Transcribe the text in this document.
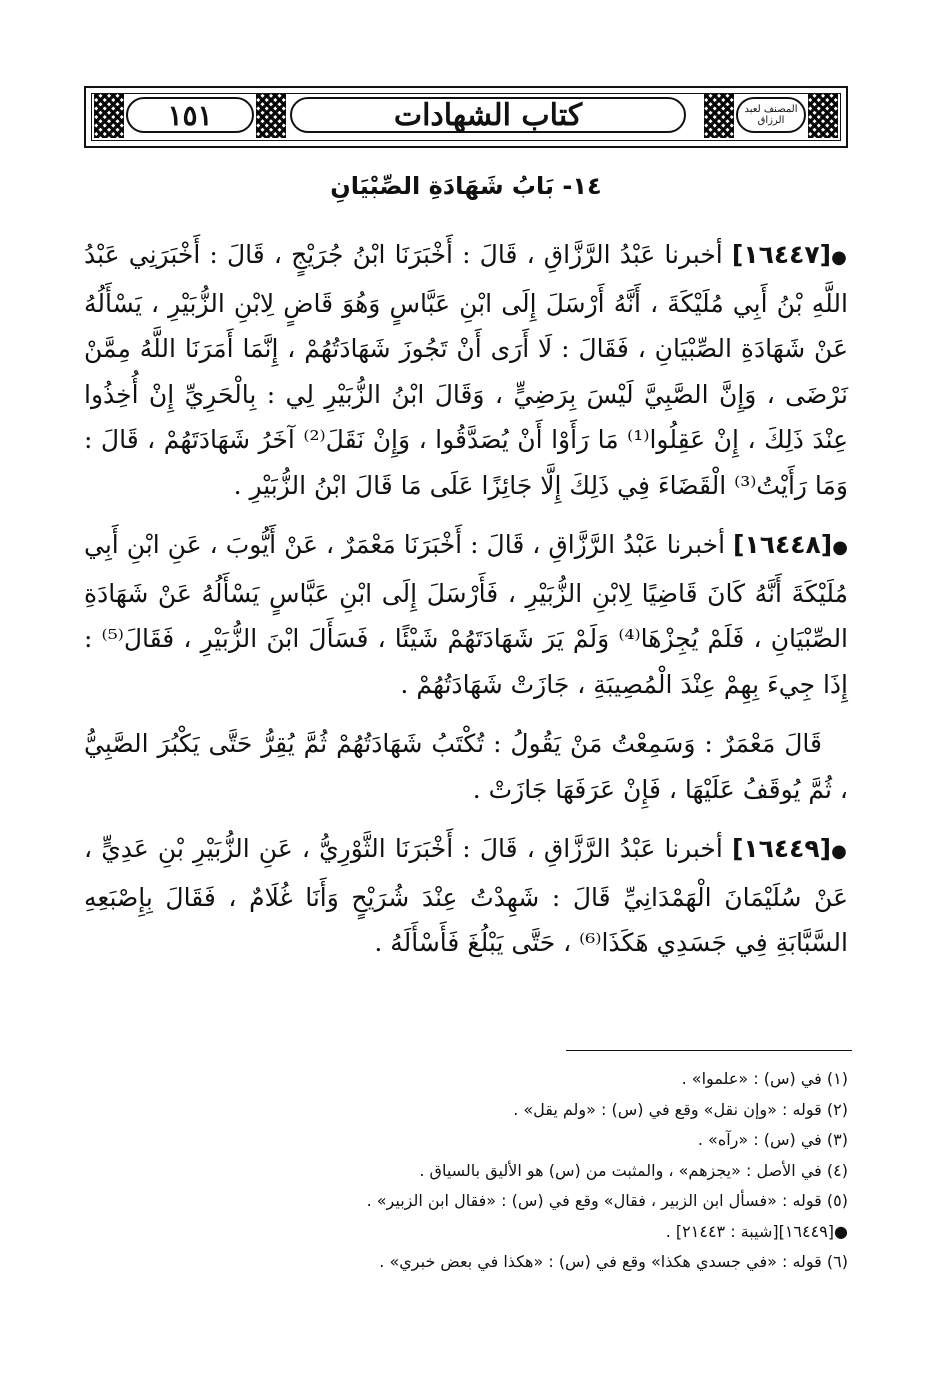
١٥١	كتاب الشهادات	المصنف لعبد الرزاق
١٤- بَابُ شَهَادَةِ الصِّبْيَانِ

●[١٦٤٤٧] أخبرنا عَبْدُ الرَّزَّاقِ ، قَالَ : أَخْبَرَنَا ابْنُ جُرَيْجٍ ، قَالَ : أَخْبَرَنِي عَبْدُ اللَّهِ بْنُ أَبِي مُلَيْكَةَ ، أَنَّهُ أَرْسَلَ إِلَى ابْنِ عَبَّاسٍ وَهُوَ قَاضٍ لِابْنِ الزُّبَيْرِ ، يَسْأَلُهُ عَنْ شَهَادَةِ الصِّبْيَانِ ، فَقَالَ : لَا أَرَى أَنْ تَجُوزَ شَهَادَتُهُمْ ، إِنَّمَا أَمَرَنَا اللَّهُ مِمَّنْ نَرْضَى ، وَإِنَّ الصَّبِيَّ لَيْسَ بِرَضِيٍّ ، وَقَالَ ابْنُ الزُّبَيْرِ لِي : بِالْحَرِيِّ إِنْ أُخِذُوا عِنْدَ ذَلِكَ ، إِنْ عَقِلُوا⁽¹⁾ مَا رَأَوْا أَنْ يُصَدَّقُوا ، وَإِنْ نَقَلَ⁽²⁾ آخَرُ شَهَادَتَهُمْ ، قَالَ : وَمَا رَأَيْتُ⁽³⁾ الْقَضَاءَ فِي ذَلِكَ إِلَّا جَائِزًا عَلَى مَا قَالَ ابْنُ الزُّبَيْرِ .

●[١٦٤٤٨] أخبرنا عَبْدُ الرَّزَّاقِ ، قَالَ : أَخْبَرَنَا مَعْمَرٌ ، عَنْ أَيُّوبَ ، عَنِ ابْنِ أَبِي مُلَيْكَةَ أَنَّهُ كَانَ قَاضِيًا لِابْنِ الزُّبَيْرِ ، فَأَرْسَلَ إِلَى ابْنِ عَبَّاسٍ يَسْأَلُهُ عَنْ شَهَادَةِ الصِّبْيَانِ ، فَلَمْ يُجِزْهَا⁽⁴⁾ وَلَمْ يَرَ شَهَادَتَهُمْ شَيْئًا ، فَسَأَلَ ابْنَ الزُّبَيْرِ ، فَقَالَ⁽⁵⁾ : إِذَا جِيءَ بِهِمْ عِنْدَ الْمُصِيبَةِ ، جَازَتْ شَهَادَتُهُمْ .

قَالَ مَعْمَرٌ : وَسَمِعْتُ مَنْ يَقُولُ : تُكْتَبُ شَهَادَتُهُمْ ثُمَّ يُقِرُّ حَتَّى يَكْبُرَ الصَّبِيُّ ، ثُمَّ يُوقَفُ عَلَيْهَا ، فَإِنْ عَرَفَهَا جَازَتْ .

●[١٦٤٤٩] أخبرنا عَبْدُ الرَّزَّاقِ ، قَالَ : أَخْبَرَنَا الثَّوْرِيُّ ، عَنِ الزُّبَيْرِ بْنِ عَدِيٍّ ، عَنْ سُلَيْمَانَ الْهَمْدَانِيِّ قَالَ : شَهِدْتُ عِنْدَ شُرَيْحٍ وَأَنَا غُلَامٌ ، فَقَالَ بِإِصْبَعِهِ السَّبَّابَةِ فِي جَسَدِي هَكَذَا⁽⁶⁾ ، حَتَّى يَبْلُغَ فَأَسْأَلَهُ .

(١) في (س) : «علموا» .
(٢) قوله : «وإن نقل» وقع في (س) : «ولم يقل» .
(٣) في (س) : «رآه» .
(٤) في الأصل : «يجزهم» ، والمثبت من (س) هو الأليق بالسياق .
(٥) قوله : «فسأل ابن الزبير ، فقال» وقع في (س) : «فقال ابن الزبير» .
●[١٦٤٤٩][شيبة : ٢١٤٤٣] .
(٦) قوله : «في جسدي هكذا» وقع في (س) : «هكذا في بعض خبري» .
